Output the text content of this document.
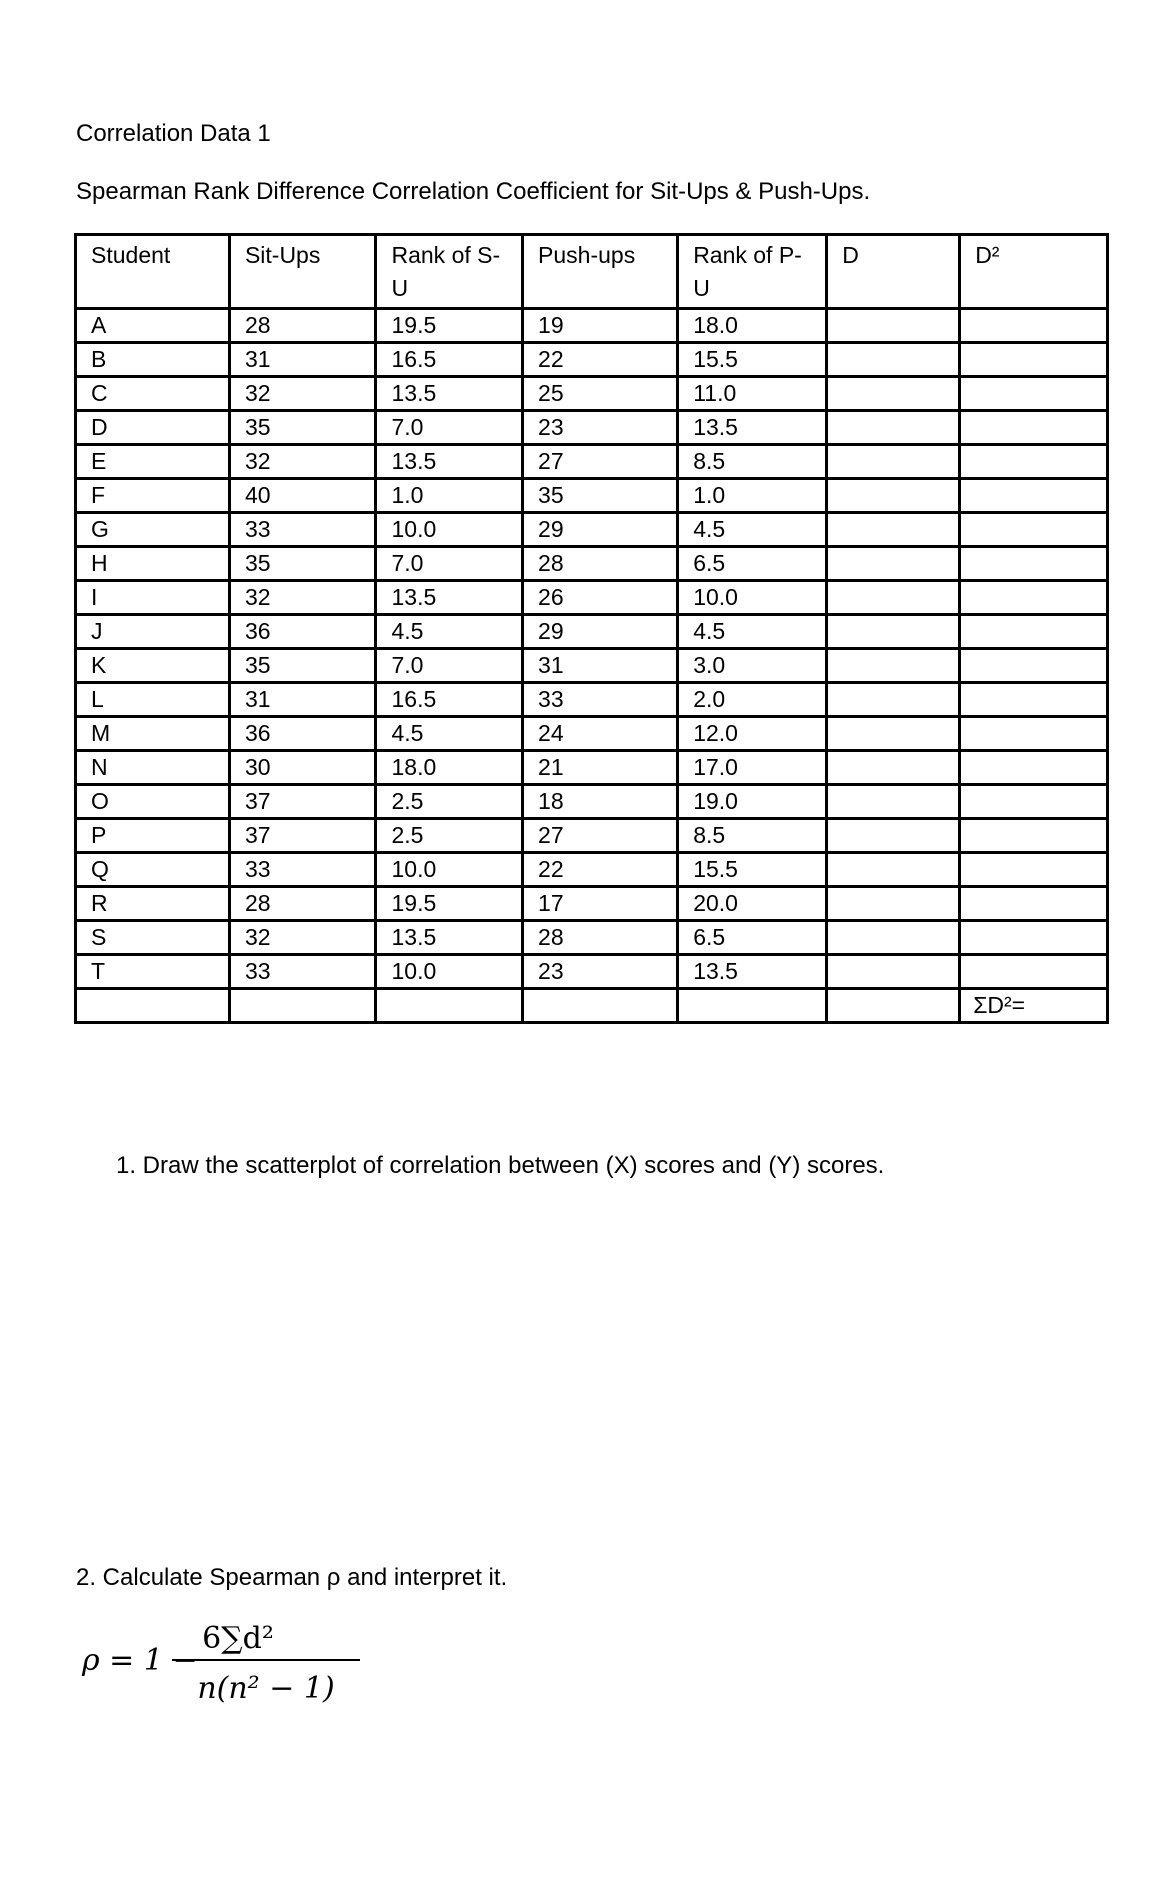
Correlation Data 1
Spearman Rank Difference Correlation Coefficient for Sit-Ups & Push-Ups.
Student	Sit-Ups	Rank of S-U	Push-ups	Rank of P-U	D	D²
A	28	19.5	19	18.0		
B	31	16.5	22	15.5		
C	32	13.5	25	11.0		
D	35	7.0	23	13.5		
E	32	13.5	27	8.5		
F	40	1.0	35	1.0		
G	33	10.0	29	4.5		
H	35	7.0	28	6.5		
I	32	13.5	26	10.0		
J	36	4.5	29	4.5		
K	35	7.0	31	3.0		
L	31	16.5	33	2.0		
M	36	4.5	24	12.0		
N	30	18.0	21	17.0		
O	37	2.5	18	19.0		
P	37	2.5	27	8.5		
Q	33	10.0	22	15.5		
R	28	19.5	17	20.0		
S	32	13.5	28	6.5		
T	33	10.0	23	13.5		
						ΣD²=
1. Draw the scatterplot of correlation between (X) scores and (Y) scores.
2. Calculate Spearman ρ and interpret it.
ρ = 1 −
6∑d²
n(n² − 1)
